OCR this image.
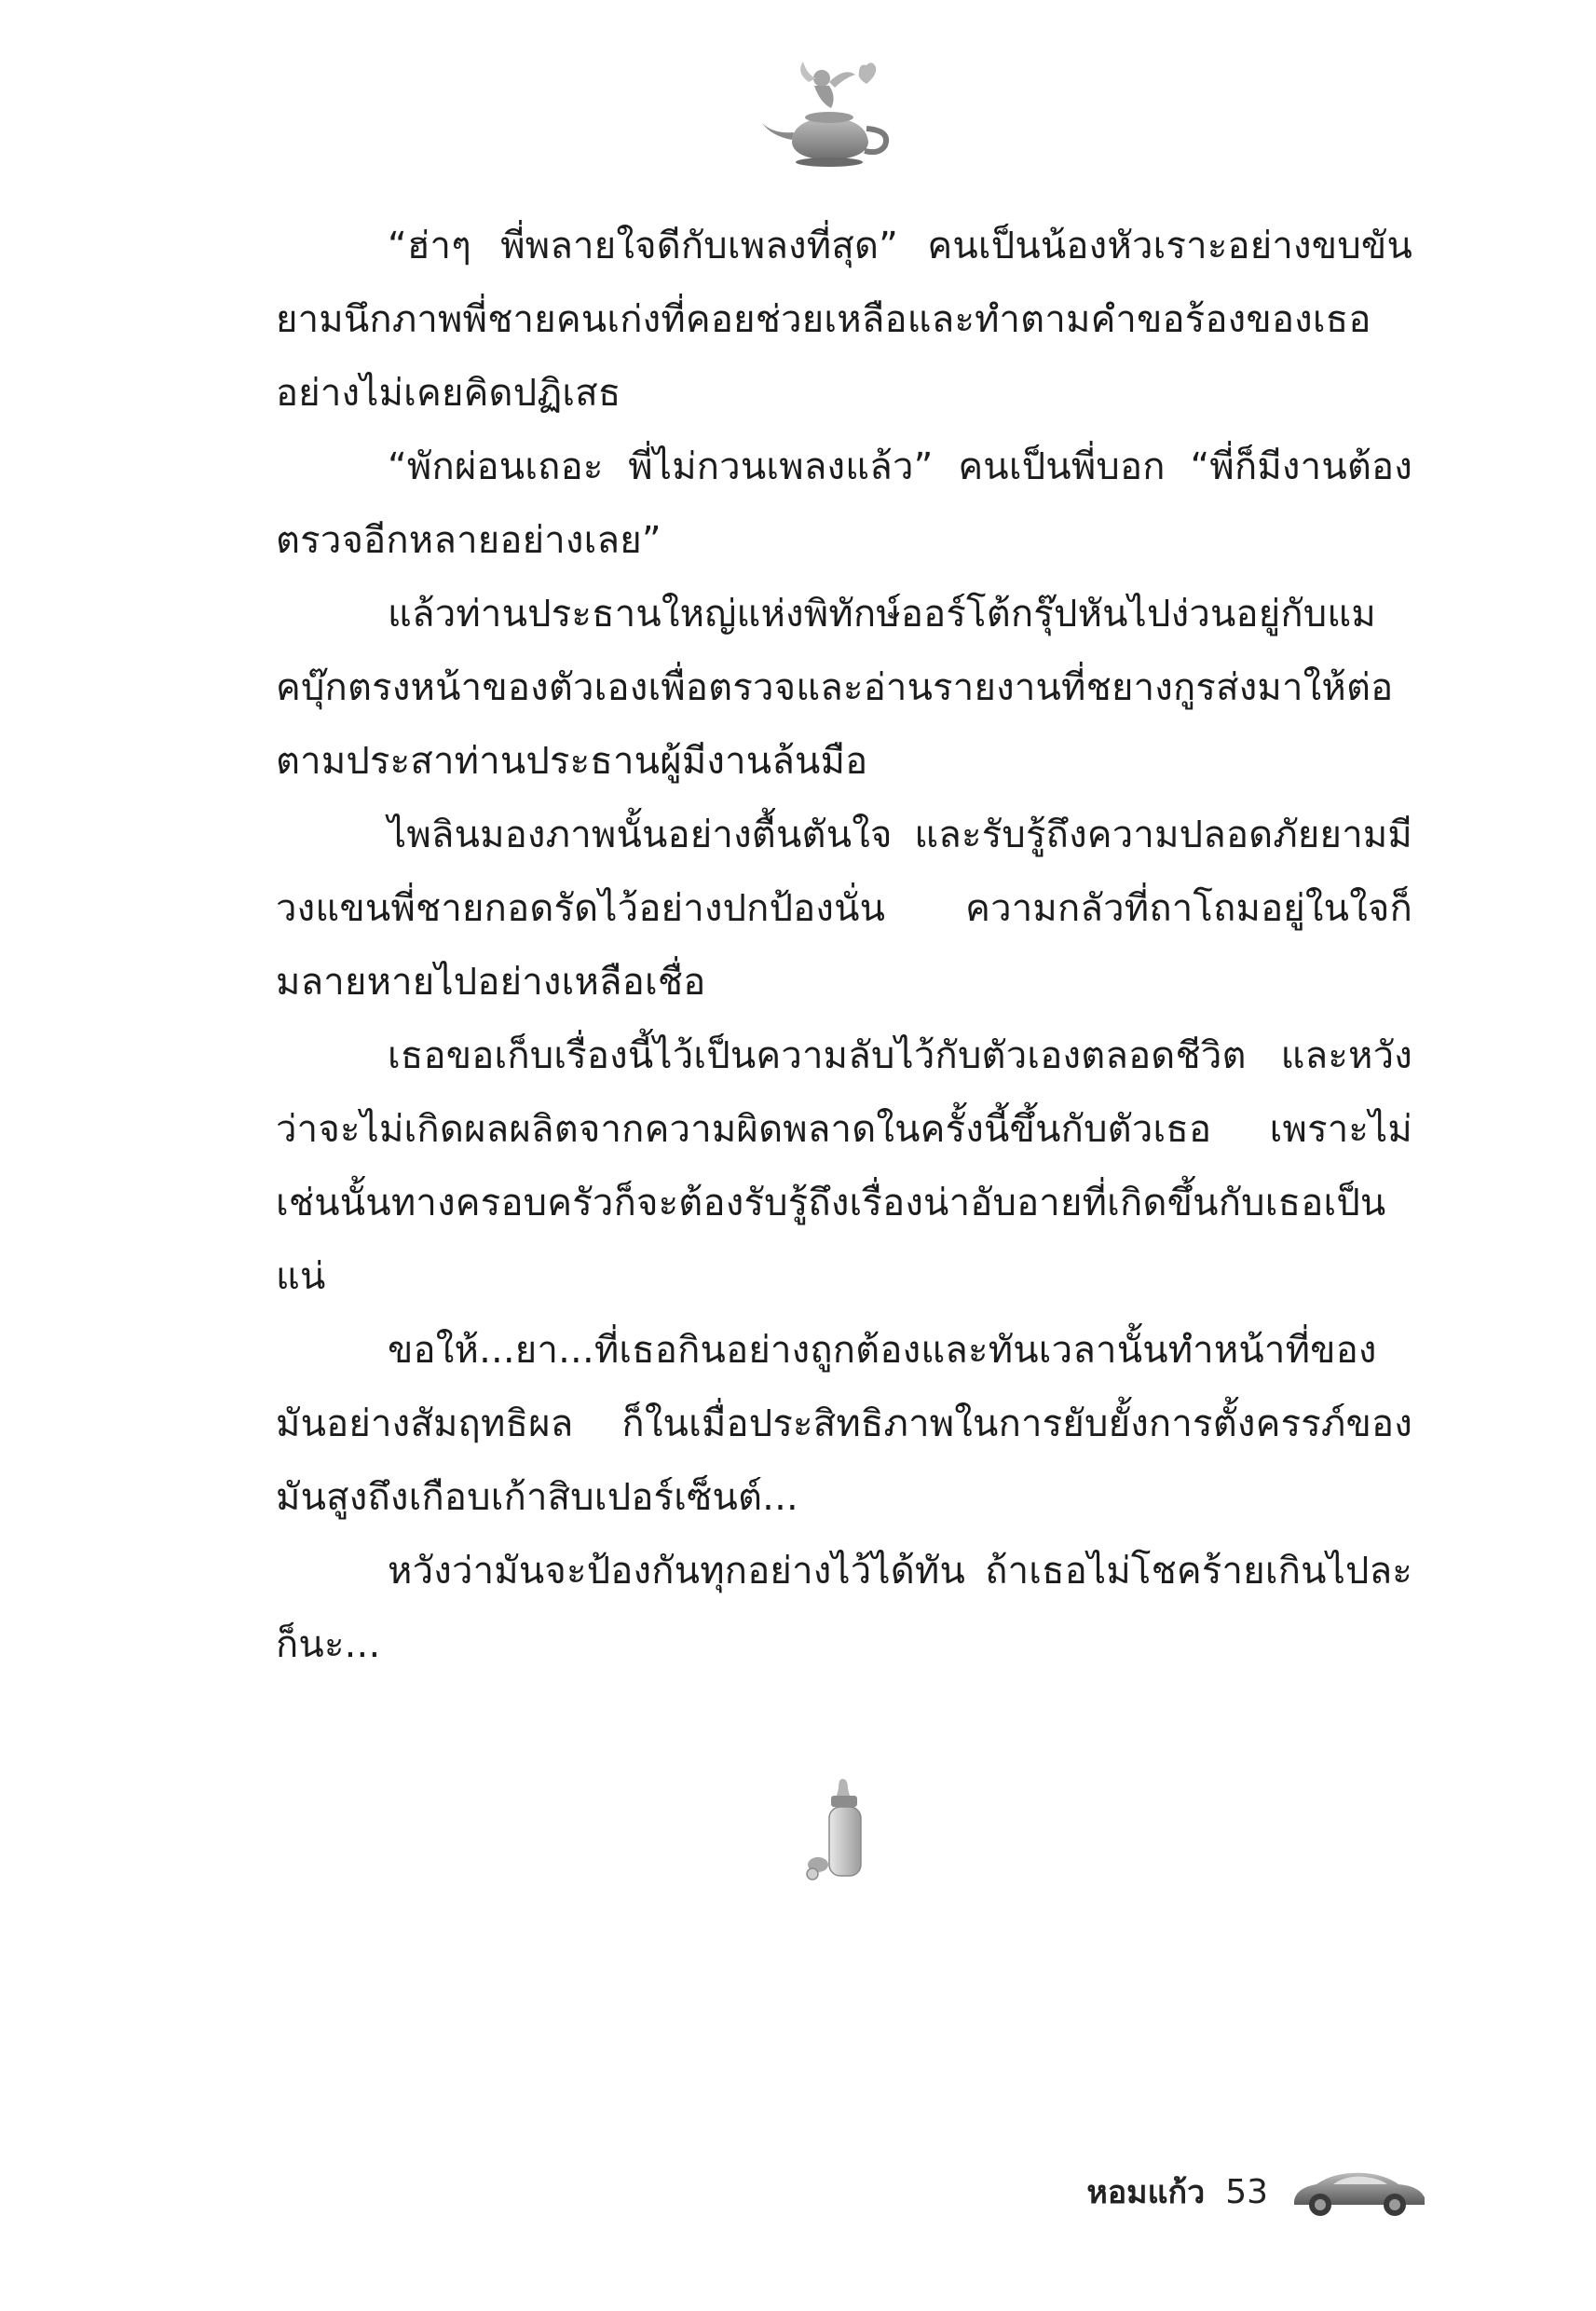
“ฮ่าๆ พี่พลายใจดีกับเพลงที่สุด” คนเป็นน้องหัวเราะอย่างขบขัน ยามนึกภาพพี่ชายคนเก่งที่คอยช่วยเหลือและทำตามคำขอร้องของเธออย่างไม่เคยคิดปฏิเสธ

“พักผ่อนเถอะ พี่ไม่กวนเพลงแล้ว” คนเป็นพี่บอก “พี่ก็มีงานต้องตรวจอีกหลายอย่างเลย”

แล้วท่านประธานใหญ่แห่งพิทักษ์ออร์โต้กรุ๊ปหันไปง่วนอยู่กับแมคบุ๊กตรงหน้าของตัวเองเพื่อตรวจและอ่านรายงานที่ชยางกูรส่งมาให้ต่อ ตามประสาท่านประธานผู้มีงานล้นมือ

ไพลินมองภาพนั้นอย่างตื้นตันใจ และรับรู้ถึงความปลอดภัยยามมีวงแขนพี่ชายกอดรัดไว้อย่างปกป้องนั่น ความกลัวที่ถาโถมอยู่ในใจก็มลายหายไปอย่างเหลือเชื่อ

เธอขอเก็บเรื่องนี้ไว้เป็นความลับไว้กับตัวเองตลอดชีวิต และหวังว่าจะไม่เกิดผลผลิตจากความผิดพลาดในครั้งนี้ขึ้นกับตัวเธอ เพราะไม่เช่นนั้นทางครอบครัวก็จะต้องรับรู้ถึงเรื่องน่าอับอายที่เกิดขึ้นกับเธอเป็นแน่

ขอให้...ยา...ที่เธอกินอย่างถูกต้องและทันเวลานั้นทำหน้าที่ของมันอย่างสัมฤทธิผล ก็ในเมื่อประสิทธิภาพในการยับยั้งการตั้งครรภ์ของมันสูงถึงเกือบเก้าสิบเปอร์เซ็นต์...

หวังว่ามันจะป้องกันทุกอย่างไว้ได้ทัน ถ้าเธอไม่โชคร้ายเกินไปละก็นะ...

หอมแก้ว 53
